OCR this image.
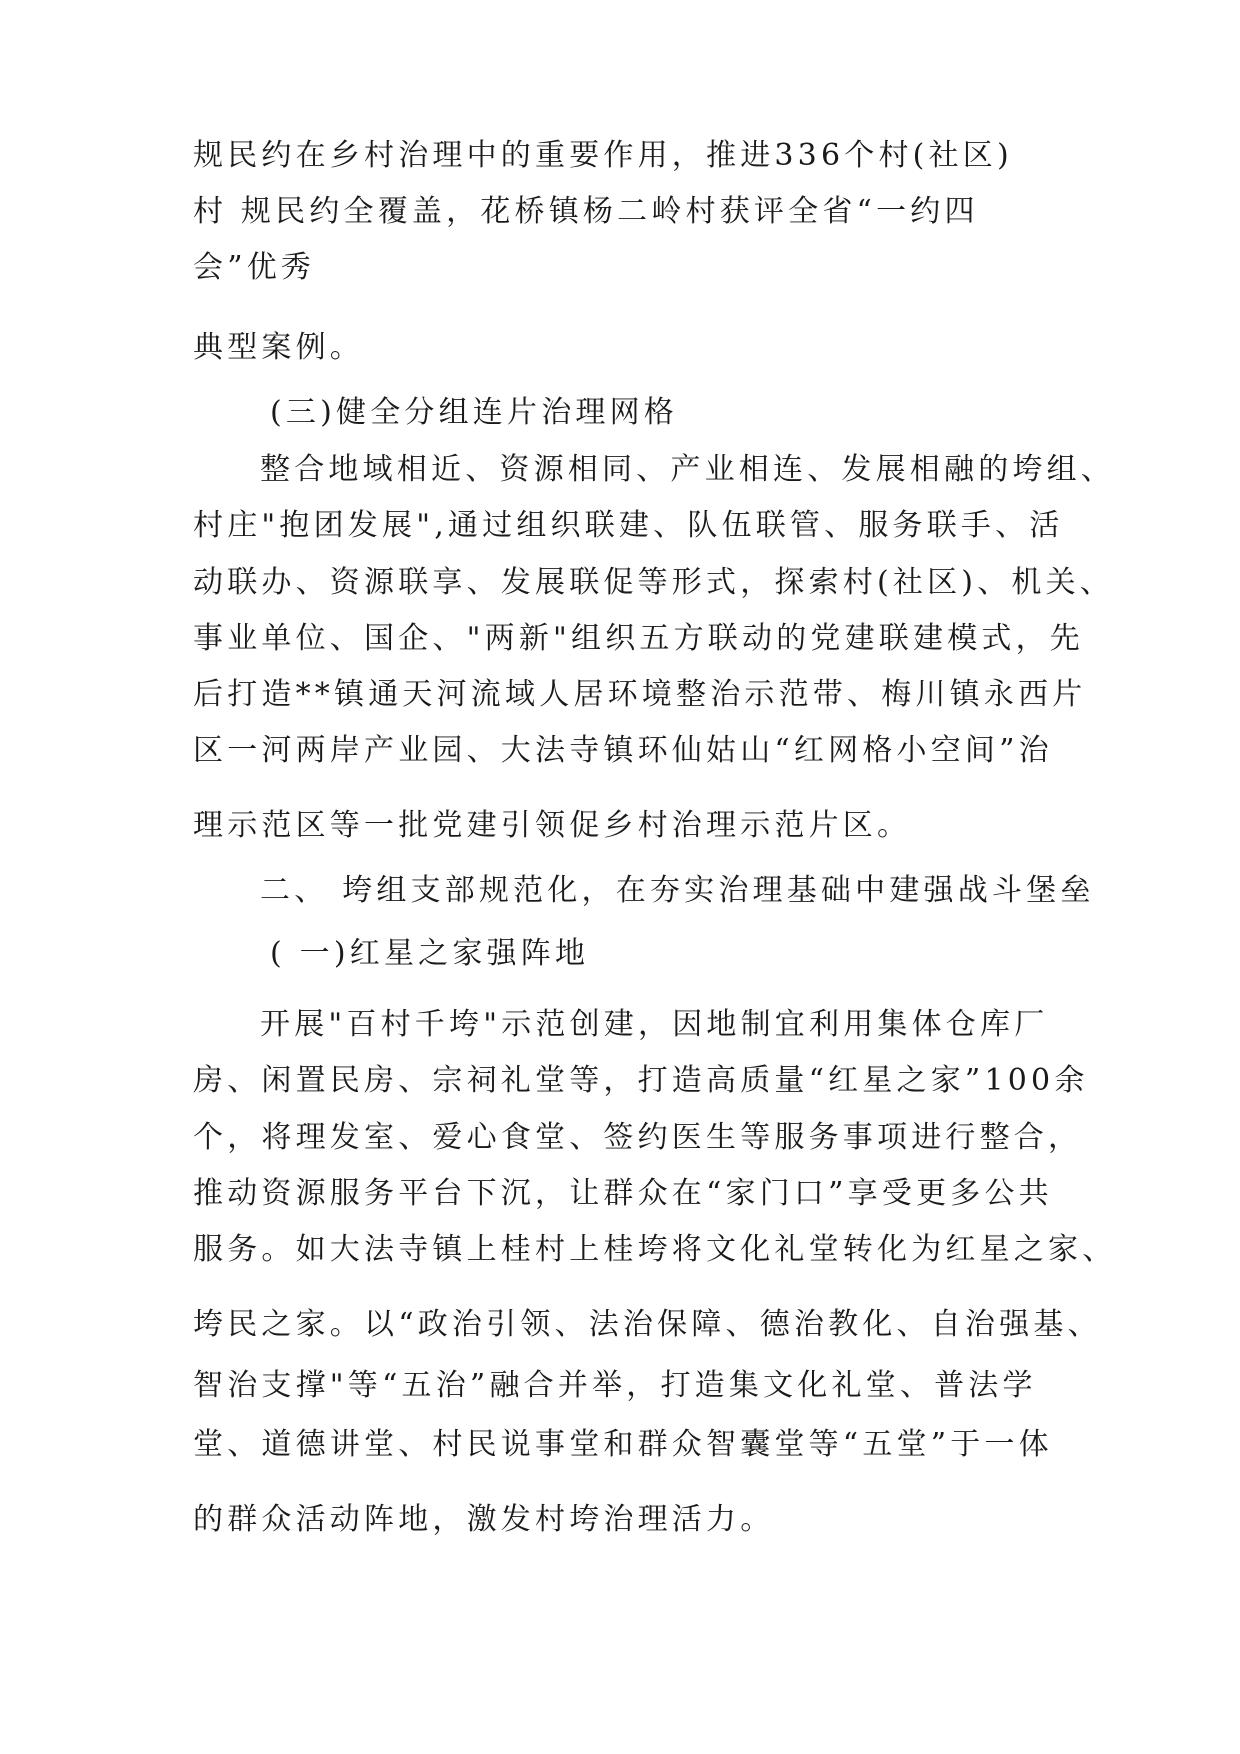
规民约在乡村治理中的重要作用，推进336个村(社区)
村 规民约全覆盖，花桥镇杨二岭村获评全省“一约四
会”优秀
典型案例。
(三)健全分组连片治理网格
整合地域相近、资源相同、产业相连、发展相融的垮组、
村庄"抱团发展",通过组织联建、队伍联管、服务联手、活
动联办、资源联享、发展联促等形式，探索村(社区)、机关、
事业单位、国企、"两新"组织五方联动的党建联建模式，先
后打造**镇通天河流域人居环境整治示范带、梅川镇永西片
区一河两岸产业园、大法寺镇环仙姑山“红网格小空间”治
理示范区等一批党建引领促乡村治理示范片区。
二、 垮组支部规范化，在夯实治理基础中建强战斗堡垒
( 一)红星之家强阵地
开展"百村千垮"示范创建，因地制宜利用集体仓库厂
房、闲置民房、宗祠礼堂等，打造高质量“红星之家”100余
个，将理发室、爱心食堂、签约医生等服务事项进行整合，
推动资源服务平台下沉，让群众在“家门口”享受更多公共
服务。如大法寺镇上桂村上桂垮将文化礼堂转化为红星之家、
垮民之家。以“政治引领、法治保障、德治教化、自治强基、
智治支撑"等“五治”融合并举，打造集文化礼堂、普法学
堂、道德讲堂、村民说事堂和群众智囊堂等“五堂”于一体
的群众活动阵地，激发村垮治理活力。
